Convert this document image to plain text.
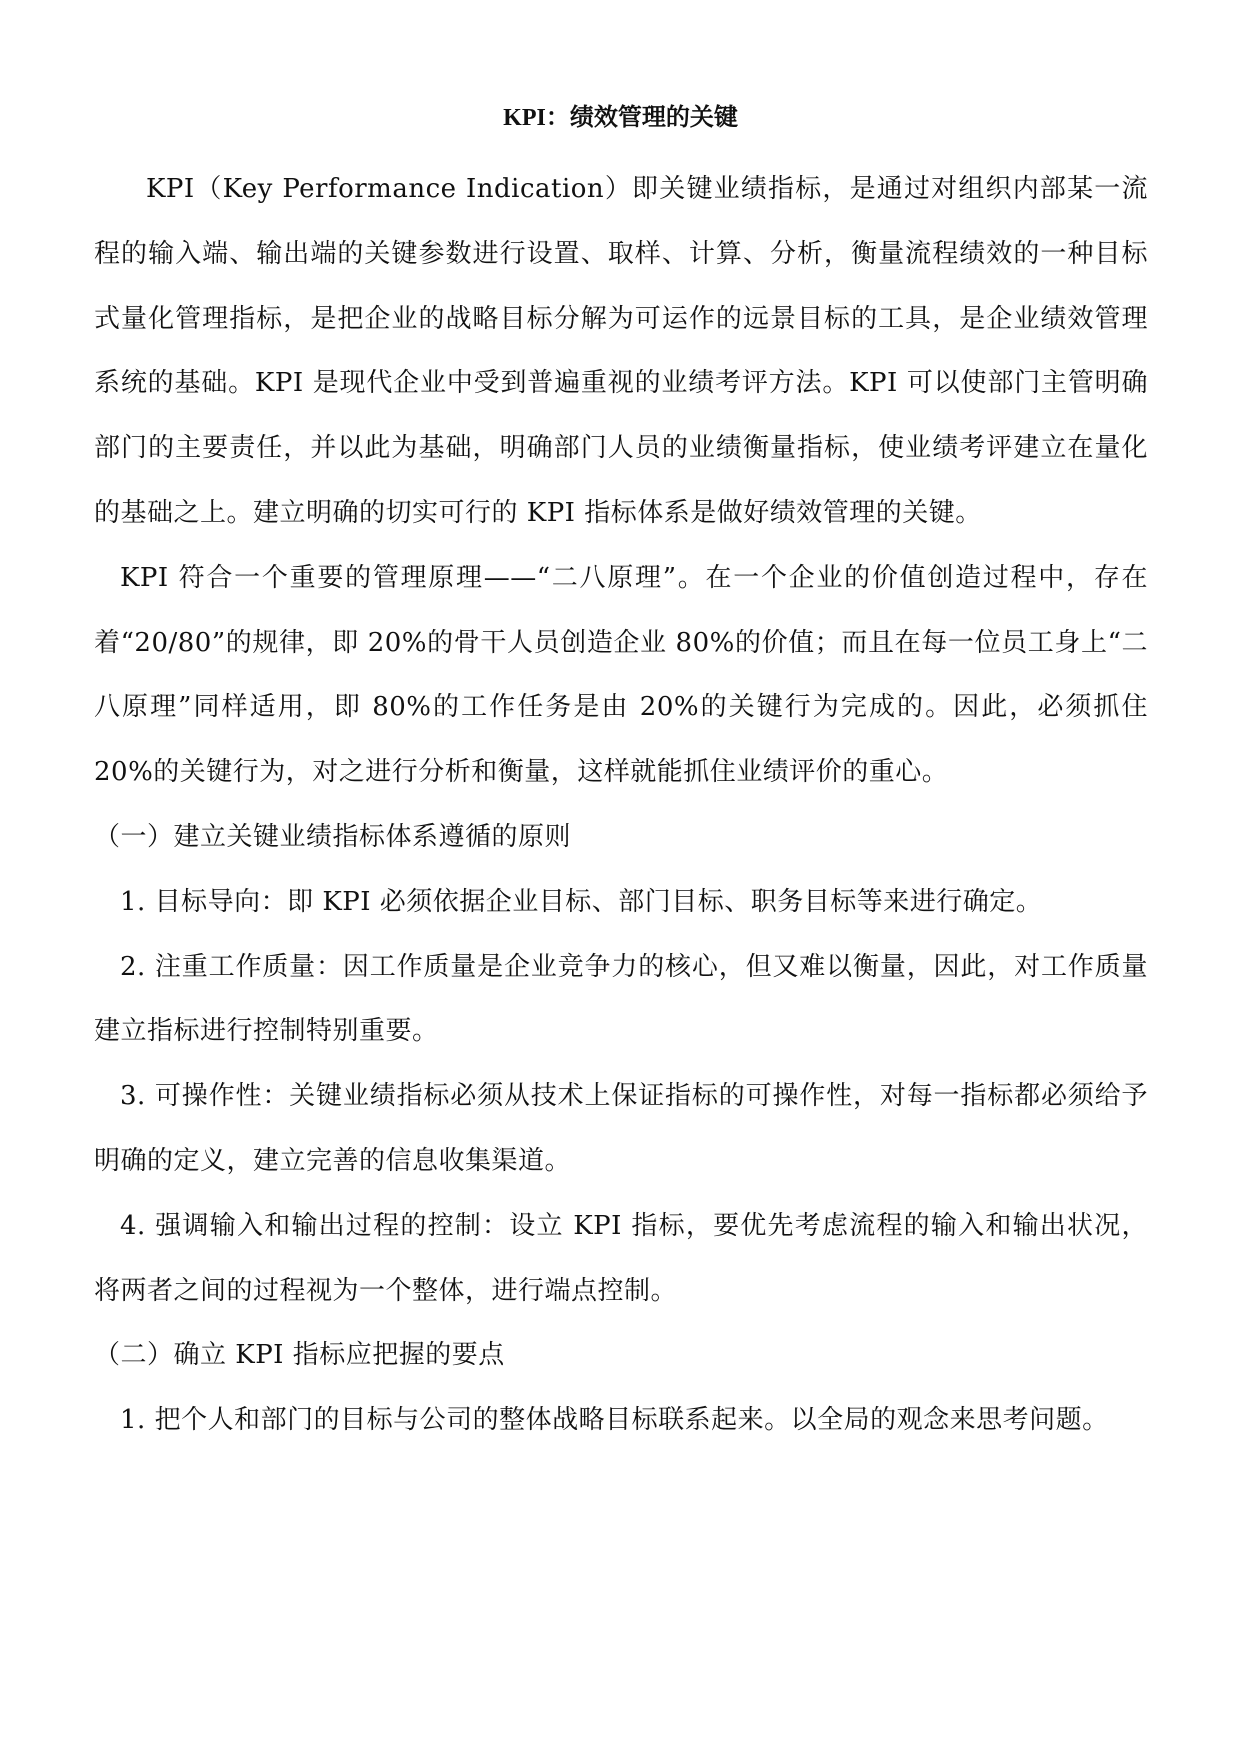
KPI：绩效管理的关键

KPI（Key Performance Indication）即关键业绩指标，是通过对组织内部某一流程的输入端、输出端的关键参数进行设置、取样、计算、分析，衡量流程绩效的一种目标式量化管理指标，是把企业的战略目标分解为可运作的远景目标的工具，是企业绩效管理系统的基础。KPI 是现代企业中受到普遍重视的业绩考评方法。KPI 可以使部门主管明确部门的主要责任，并以此为基础，明确部门人员的业绩衡量指标，使业绩考评建立在量化的基础之上。建立明确的切实可行的 KPI 指标体系是做好绩效管理的关键。

KPI 符合一个重要的管理原理——“二八原理”。在一个企业的价值创造过程中，存在着“20/80”的规律，即 20%的骨干人员创造企业 80%的价值；而且在每一位员工身上“二八原理”同样适用，即 80%的工作任务是由 20%的关键行为完成的。因此，必须抓住 20%的关键行为，对之进行分析和衡量，这样就能抓住业绩评价的重心。

（一）建立关键业绩指标体系遵循的原则

1. 目标导向：即 KPI 必须依据企业目标、部门目标、职务目标等来进行确定。

2. 注重工作质量：因工作质量是企业竞争力的核心，但又难以衡量，因此，对工作质量建立指标进行控制特别重要。

3. 可操作性：关键业绩指标必须从技术上保证指标的可操作性，对每一指标都必须给予明确的定义，建立完善的信息收集渠道。

4. 强调输入和输出过程的控制：设立 KPI 指标，要优先考虑流程的输入和输出状况，将两者之间的过程视为一个整体，进行端点控制。

（二）确立 KPI 指标应把握的要点

1. 把个人和部门的目标与公司的整体战略目标联系起来。以全局的观念来思考问题。
